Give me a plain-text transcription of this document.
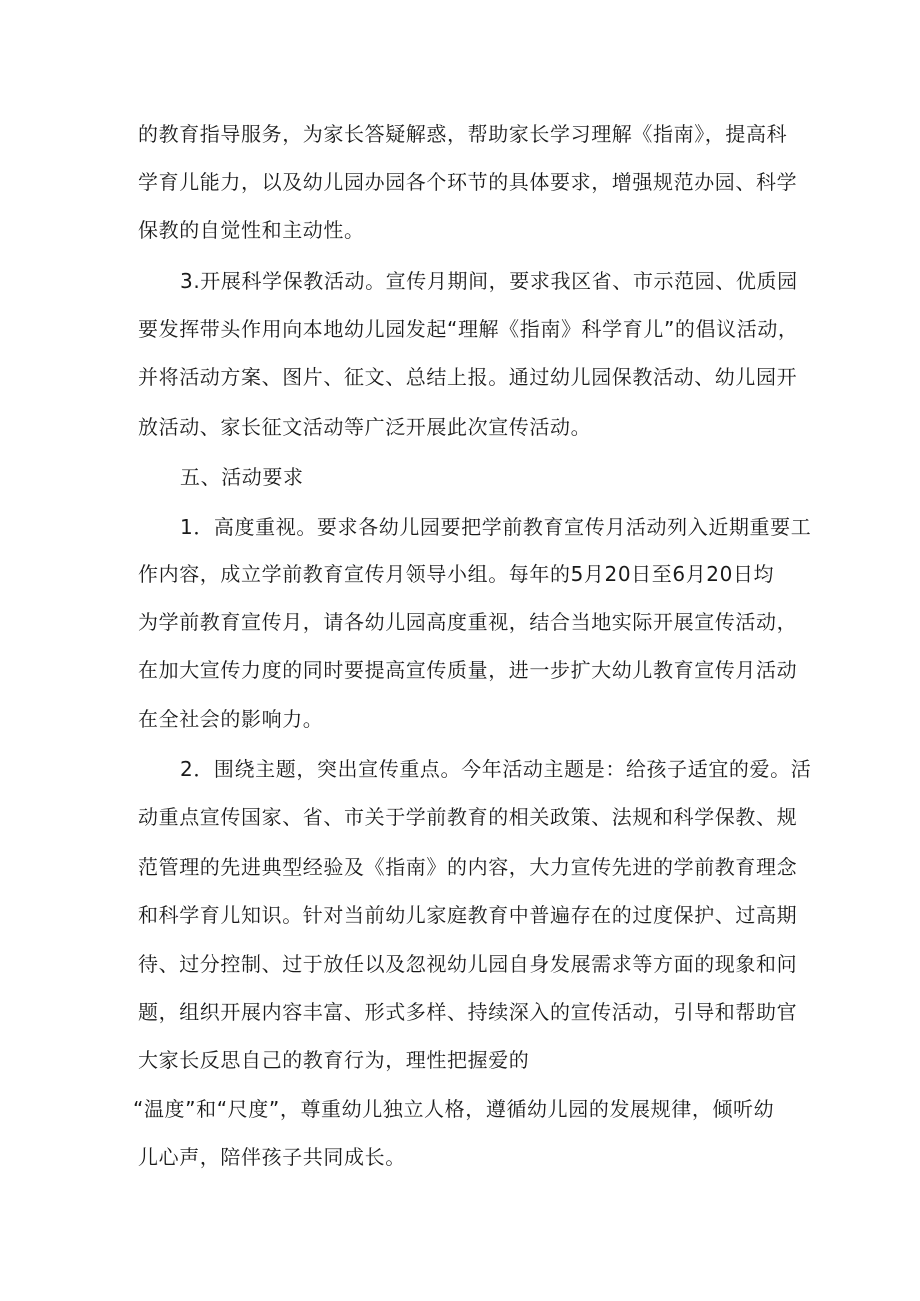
的教育指导服务，为家长答疑解惑，帮助家长学习理解《指南》，提高科
学育儿能力，以及幼儿园办园各个环节的具体要求，增强规范办园、科学
保教的自觉性和主动性。
3.开展科学保教活动。宣传月期间，要求我区省、市示范园、优质园
要发挥带头作用向本地幼儿园发起“理解《指南》科学育儿”的倡议活动，
并将活动方案、图片、征文、总结上报。通过幼儿园保教活动、幼儿园开
放活动、家长征文活动等广泛开展此次宣传活动。
五、活动要求
1．高度重视。要求各幼儿园要把学前教育宣传月活动列入近期重要工
作内容，成立学前教育宣传月领导小组。每年的5月20日至6月20日均
为学前教育宣传月，请各幼儿园高度重视，结合当地实际开展宣传活动，
在加大宣传力度的同时要提高宣传质量，进一步扩大幼儿教育宣传月活动
在全社会的影响力。
2．围绕主题，突出宣传重点。今年活动主题是：给孩子适宜的爱。活
动重点宣传国家、省、市关于学前教育的相关政策、法规和科学保教、规
范管理的先进典型经验及《指南》的内容，大力宣传先进的学前教育理念
和科学育儿知识。针对当前幼儿家庭教育中普遍存在的过度保护、过高期
待、过分控制、过于放任以及忽视幼儿园自身发展需求等方面的现象和问
题，组织开展内容丰富、形式多样、持续深入的宣传活动，引导和帮助官
大家长反思自己的教育行为，理性把握爱的
“温度”和“尺度”，尊重幼儿独立人格，遵循幼儿园的发展规律，倾听幼
儿心声，陪伴孩子共同成长。
